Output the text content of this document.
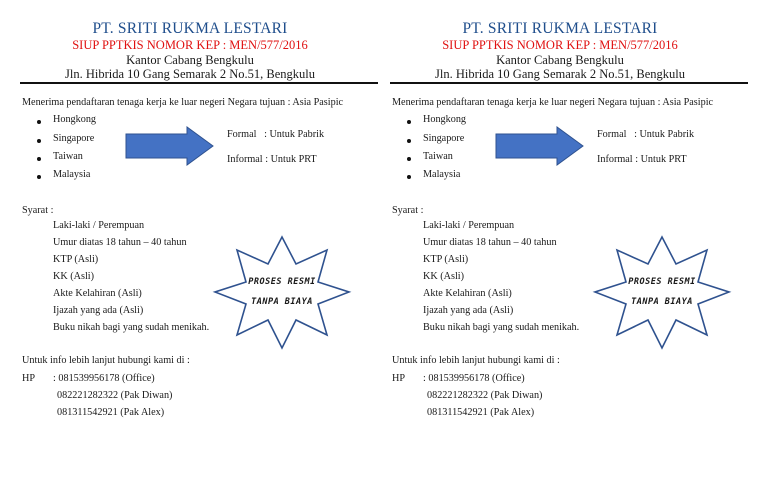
PT. SRITI RUKMA LESTARI
SIUP PPTKIS NOMOR KEP : MEN/577/2016
Kantor Cabang Bengkulu
Jln. Hibrida 10 Gang Semarak 2 No.51, Bengkulu
Menerima pendaftaran tenaga kerja ke luar negeri Negara tujuan : Asia Pasipic
Hongkong
Singapore
Taiwan
Malaysia
Formal   : Untuk Pabrik
Informal : Untuk PRT
Syarat :
Laki-laki / Perempuan
Umur diatas 18 tahun – 40 tahun
KTP (Asli)
KK (Asli)
Akte Kelahiran (Asli)
Ijazah yang ada (Asli)
Buku nikah bagi yang sudah menikah.
PROSES RESMI
TANPA BIAYA
Untuk info lebih lanjut hubungi kami di :
HP : 081539956178 (Office)
082221282322 (Pak Diwan)
081311542921 (Pak Alex)
PT. SRITI RUKMA LESTARI
SIUP PPTKIS NOMOR KEP : MEN/577/2016
Kantor Cabang Bengkulu
Jln. Hibrida 10 Gang Semarak 2 No.51, Bengkulu
Menerima pendaftaran tenaga kerja ke luar negeri Negara tujuan : Asia Pasipic
Hongkong
Singapore
Taiwan
Malaysia
Formal   : Untuk Pabrik
Informal : Untuk PRT
Syarat :
Laki-laki / Perempuan
Umur diatas 18 tahun – 40 tahun
KTP (Asli)
KK (Asli)
Akte Kelahiran (Asli)
Ijazah yang ada (Asli)
Buku nikah bagi yang sudah menikah.
PROSES RESMI
TANPA BIAYA
Untuk info lebih lanjut hubungi kami di :
HP : 081539956178 (Office)
082221282322 (Pak Diwan)
081311542921 (Pak Alex)
